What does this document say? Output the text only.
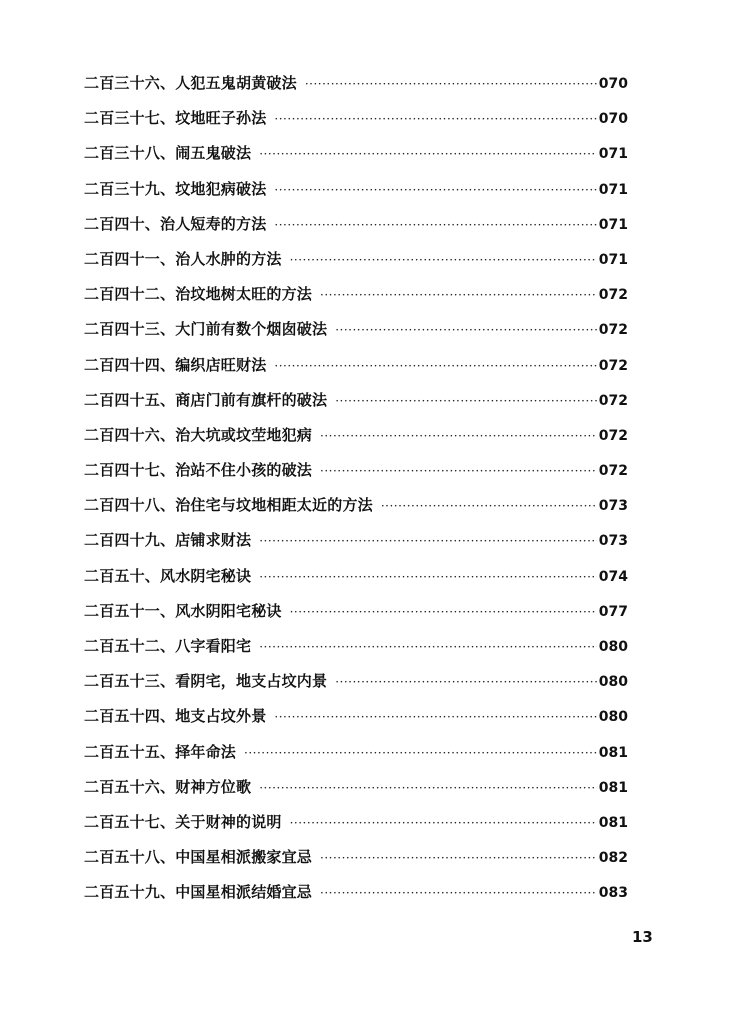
二百三十六、人犯五鬼胡黄破法 ·····	070
二百三十七、坟地旺子孙法 ·····	070
二百三十八、闹五鬼破法 ·····	071
二百三十九、坟地犯病破法 ·····	071
二百四十、治人短寿的方法 ·····	071
二百四十一、治人水肿的方法 ·····	071
二百四十二、治坟地树太旺的方法 ·····	072
二百四十三、大门前有数个烟囱破法 ·····	072
二百四十四、编织店旺财法 ·····	072
二百四十五、商店门前有旗杆的破法 ·····	072
二百四十六、治大坑或坟茔地犯病 ·····	072
二百四十七、治站不住小孩的破法 ·····	072
二百四十八、治住宅与坟地相距太近的方法 ·····	073
二百四十九、店铺求财法 ·····	073
二百五十、风水阴宅秘诀 ·····	074
二百五十一、风水阴阳宅秘诀 ·····	077
二百五十二、八字看阳宅 ·····	080
二百五十三、看阴宅，地支占坟内景 ·····	080
二百五十四、地支占坟外景 ·····	080
二百五十五、择年命法 ·····	081
二百五十六、财神方位歌 ·····	081
二百五十七、关于财神的说明 ·····	081
二百五十八、中国星相派搬家宜忌 ·····	082
二百五十九、中国星相派结婚宜忌 ·····	083
13
